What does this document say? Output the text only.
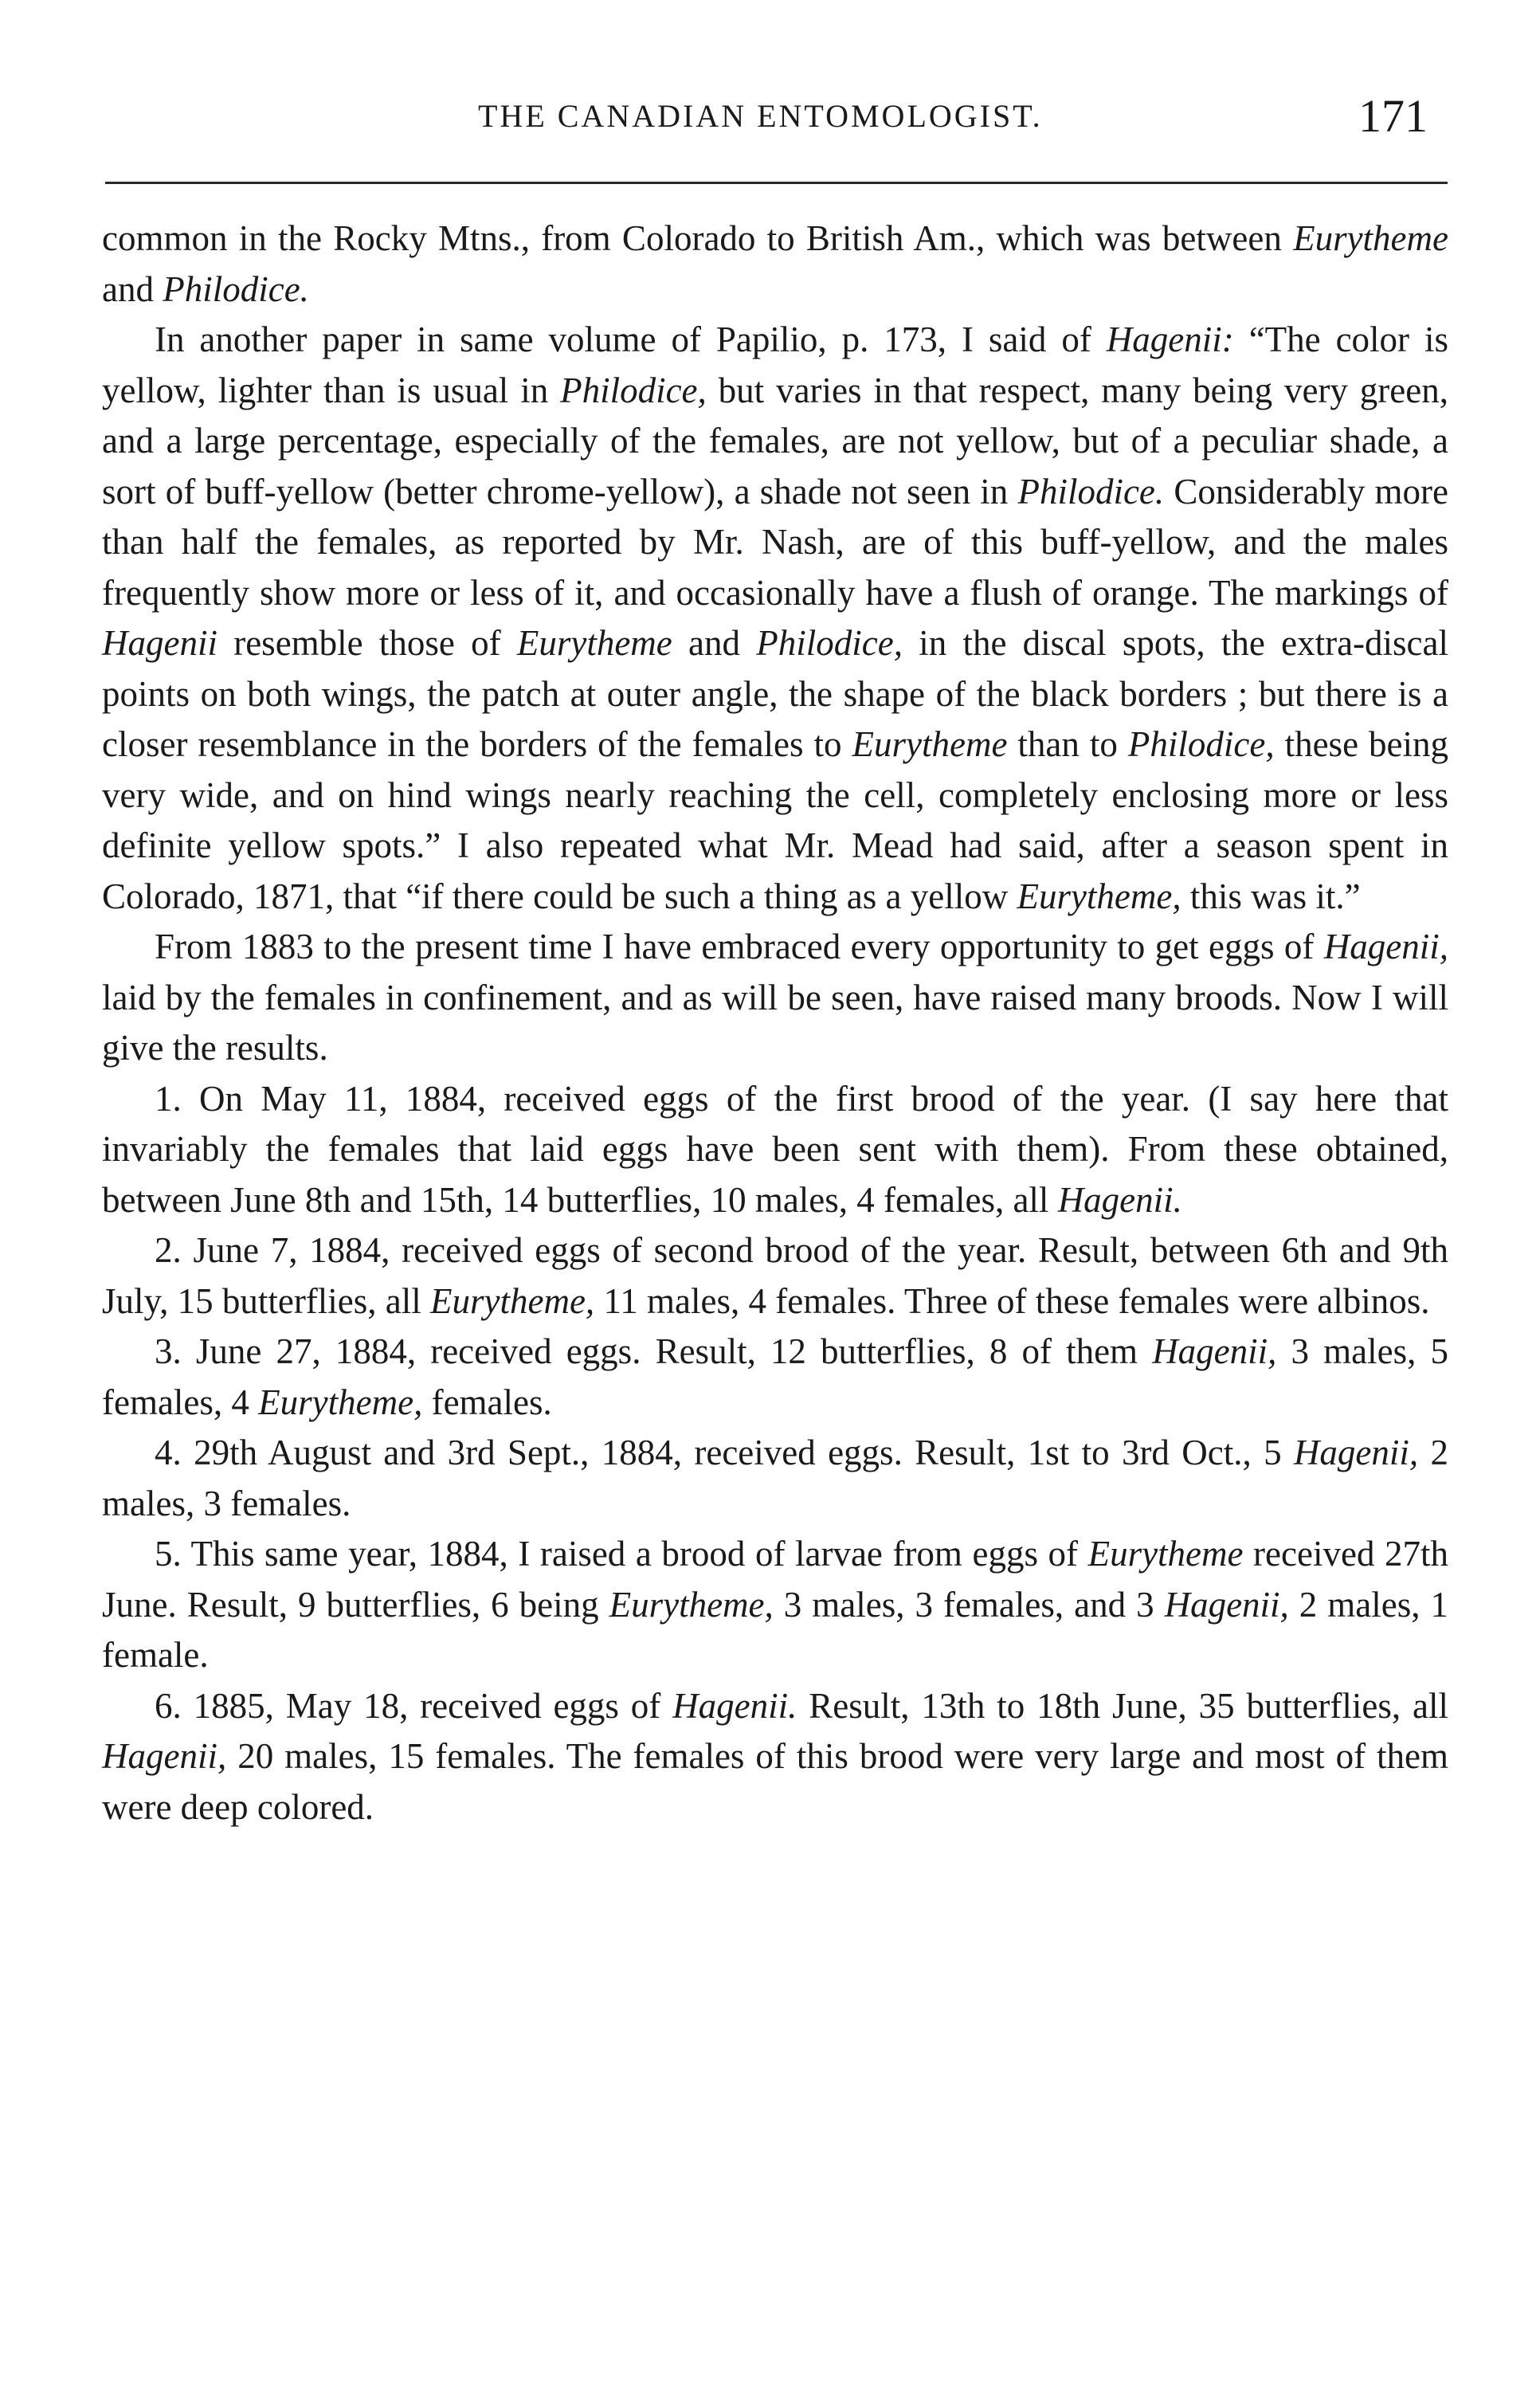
THE CANADIAN ENTOMOLOGIST.	171

common in the Rocky Mtns., from Colorado to British Am., which was between Eurytheme and Philodice.

In another paper in same volume of Papilio, p. 173, I said of Hagenii: “The color is yellow, lighter than is usual in Philodice, but varies in that respect, many being very green, and a large percentage, especially of the females, are not yellow, but of a peculiar shade, a sort of buff-yellow (better chrome-yellow), a shade not seen in Philodice. Considerably more than half the females, as reported by Mr. Nash, are of this buff-yellow, and the males frequently show more or less of it, and occasionally have a flush of orange. The markings of Hagenii resemble those of Eurytheme and Philodice, in the discal spots, the extra-discal points on both wings, the patch at outer angle, the shape of the black borders ; but there is a closer resemblance in the borders of the females to Eurytheme than to Philodice, these being very wide, and on hind wings nearly reaching the cell, completely enclosing more or less definite yellow spots.” I also repeated what Mr. Mead had said, after a season spent in Colorado, 1871, that “if there could be such a thing as a yellow Eurytheme, this was it.”

From 1883 to the present time I have embraced every opportunity to get eggs of Hagenii, laid by the females in confinement, and as will be seen, have raised many broods. Now I will give the results.

1. On May 11, 1884, received eggs of the first brood of the year. (I say here that invariably the females that laid eggs have been sent with them). From these obtained, between June 8th and 15th, 14 butterflies, 10 males, 4 females, all Hagenii.

2. June 7, 1884, received eggs of second brood of the year. Result, between 6th and 9th July, 15 butterflies, all Eurytheme, 11 males, 4 females. Three of these females were albinos.

3. June 27, 1884, received eggs. Result, 12 butterflies, 8 of them Hagenii, 3 males, 5 females, 4 Eurytheme, females.

4. 29th August and 3rd Sept., 1884, received eggs. Result, 1st to 3rd Oct., 5 Hagenii, 2 males, 3 females.

5. This same year, 1884, I raised a brood of larvae from eggs of Eurytheme received 27th June. Result, 9 butterflies, 6 being Eurytheme, 3 males, 3 females, and 3 Hagenii, 2 males, 1 female.

6. 1885, May 18, received eggs of Hagenii. Result, 13th to 18th June, 35 butterflies, all Hagenii, 20 males, 15 females. The females of this brood were very large and most of them were deep colored.
